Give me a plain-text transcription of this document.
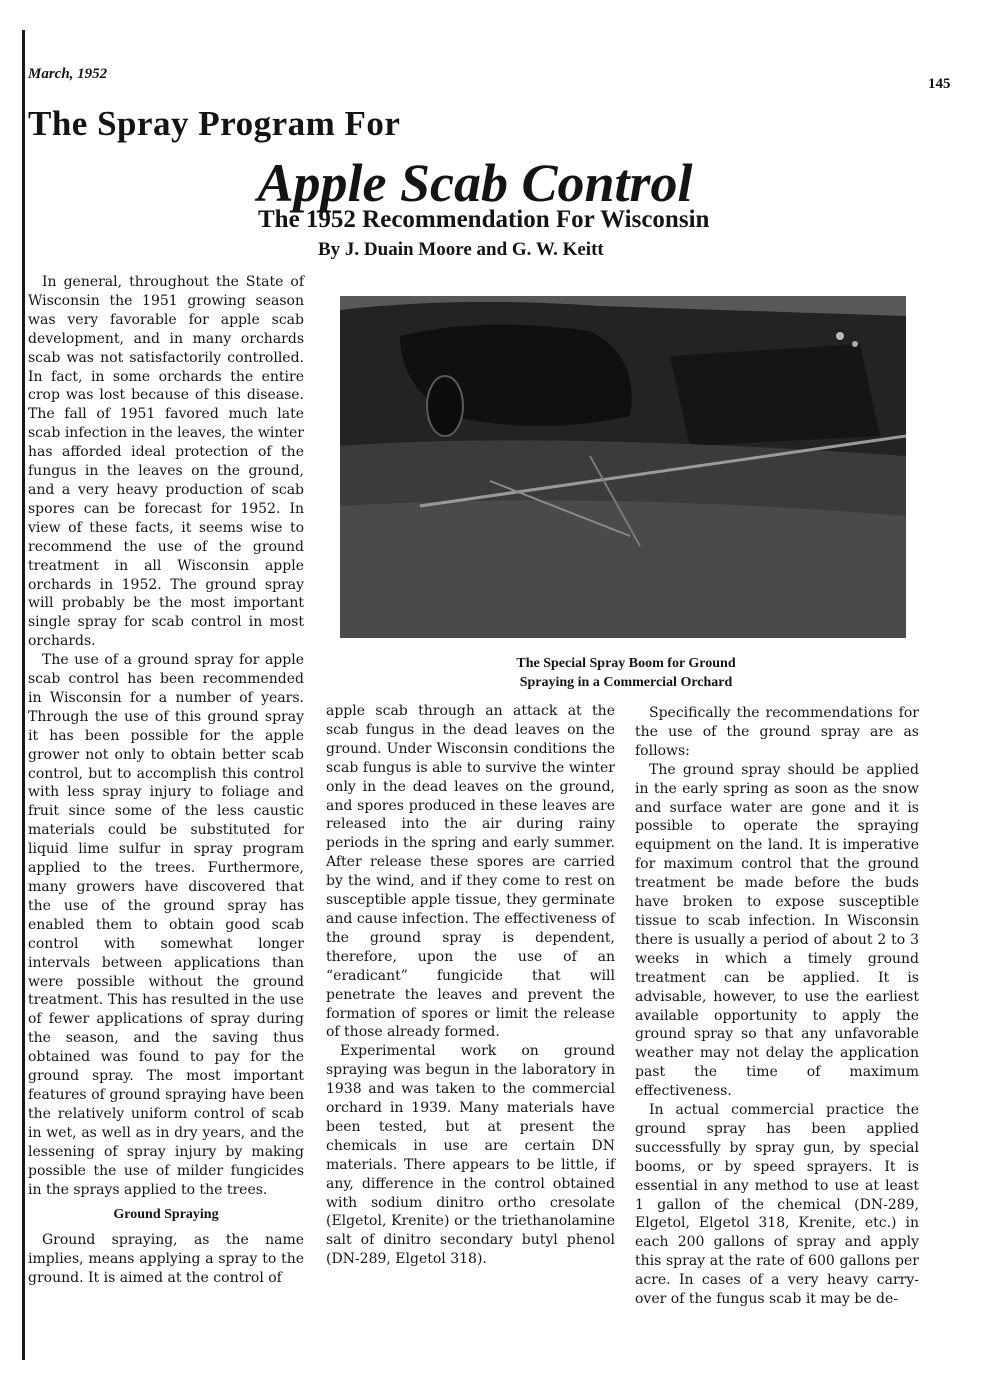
March, 1952
145
The Spray Program For
Apple Scab Control
The 1952 Recommendation For Wisconsin
By J. Duain Moore and G. W. Keitt

In general, throughout the State of Wisconsin the 1951 growing season was very favorable for apple scab development, and in many orchards scab was not satisfactorily controlled. In fact, in some orchards the entire crop was lost because of this disease. The fall of 1951 favored much late scab infection in the leaves, the winter has afforded ideal protection of the fungus in the leaves on the ground, and a very heavy production of scab spores can be forecast for 1952. In view of these facts, it seems wise to recommend the use of the ground treatment in all Wisconsin apple orchards in 1952. The ground spray will probably be the most important single spray for scab control in most orchards.

The use of a ground spray for apple scab control has been recommended in Wisconsin for a number of years. Through the use of this ground spray it has been possible for the apple grower not only to obtain better scab control, but to accomplish this control with less spray injury to foliage and fruit since some of the less caustic materials could be substituted for liquid lime sulfur in spray program applied to the trees. Furthermore, many growers have discovered that the use of the ground spray has enabled them to obtain good scab control with somewhat longer intervals between applications than were possible without the ground treatment. This has resulted in the use of fewer applications of spray during the season, and the saving thus obtained was found to pay for the ground spray. The most important features of ground spraying have been the relatively uniform control of scab in wet, as well as in dry years, and the lessening of spray injury by making possible the use of milder fungicides in the sprays applied to the trees.

Ground Spraying

Ground spraying, as the name implies, means applying a spray to the ground. It is aimed at the control of

The Special Spray Boom for Ground
Spraying in a Commercial Orchard

apple scab through an attack at the scab fungus in the dead leaves on the ground. Under Wisconsin conditions the scab fungus is able to survive the winter only in the dead leaves on the ground, and spores produced in these leaves are released into the air during rainy periods in the spring and early summer. After release these spores are carried by the wind, and if they come to rest on susceptible apple tissue, they germinate and cause infection. The effectiveness of the ground spray is dependent, therefore, upon the use of an “eradicant” fungicide that will penetrate the leaves and prevent the formation of spores or limit the release of those already formed.

Experimental work on ground spraying was begun in the laboratory in 1938 and was taken to the commercial orchard in 1939. Many materials have been tested, but at present the chemicals in use are certain DN materials. There appears to be little, if any, difference in the control obtained with sodium dinitro ortho cresolate (Elgetol, Krenite) or the triethanolamine salt of dinitro secondary butyl phenol (DN-289, Elgetol 318).

Specifically the recommendations for the use of the ground spray are as follows:

The ground spray should be applied in the early spring as soon as the snow and surface water are gone and it is possible to operate the spraying equipment on the land. It is imperative for maximum control that the ground treatment be made before the buds have broken to expose susceptible tissue to scab infection. In Wisconsin there is usually a period of about 2 to 3 weeks in which a timely ground treatment can be applied. It is advisable, however, to use the earliest available opportunity to apply the ground spray so that any unfavorable weather may not delay the application past the time of maximum effectiveness.

In actual commercial practice the ground spray has been applied successfully by spray gun, by special booms, or by speed sprayers. It is essential in any method to use at least 1 gallon of the chemical (DN-289, Elgetol, Elgetol 318, Krenite, etc.) in each 200 gallons of spray and apply this spray at the rate of 600 gallons per acre. In cases of a very heavy carry-over of the fungus scab it may be de-
